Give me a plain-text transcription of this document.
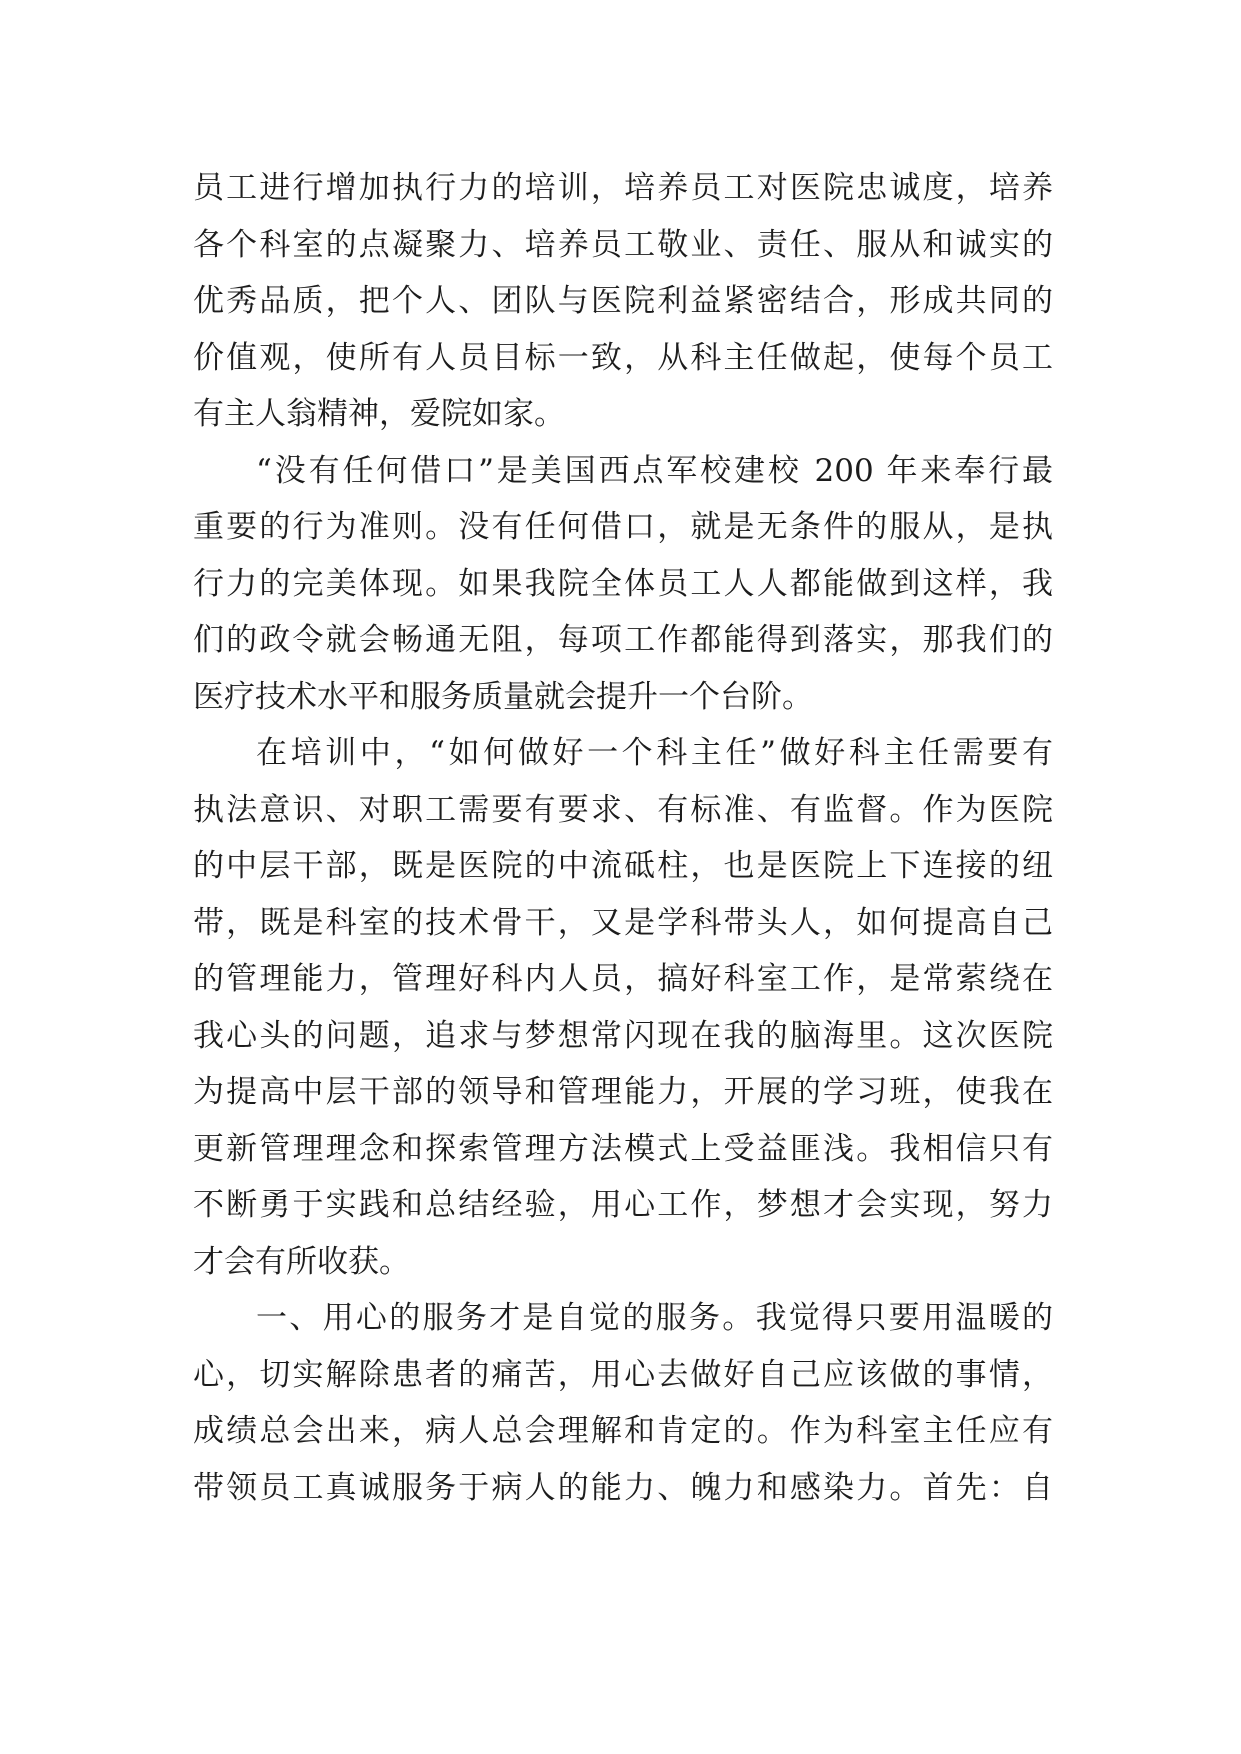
员工进行增加执行力的培训，培养员工对医院忠诚度，培养
各个科室的点凝聚力、培养员工敬业、责任、服从和诚实的
优秀品质，把个人、团队与医院利益紧密结合，形成共同的
价值观，使所有人员目标一致，从科主任做起，使每个员工
有主人翁精神，爱院如家。
“没有任何借口”是美国西点军校建校 200 年来奉行最
重要的行为准则。没有任何借口，就是无条件的服从，是执
行力的完美体现。如果我院全体员工人人都能做到这样，我
们的政令就会畅通无阻，每项工作都能得到落实，那我们的
医疗技术水平和服务质量就会提升一个台阶。
在培训中，“如何做好一个科主任”做好科主任需要有
执法意识、对职工需要有要求、有标准、有监督。作为医院
的中层干部，既是医院的中流砥柱，也是医院上下连接的纽
带，既是科室的技术骨干，又是学科带头人，如何提高自己
的管理能力，管理好科内人员，搞好科室工作，是常萦绕在
我心头的问题，追求与梦想常闪现在我的脑海里。这次医院
为提高中层干部的领导和管理能力，开展的学习班，使我在
更新管理理念和探索管理方法模式上受益匪浅。我相信只有
不断勇于实践和总结经验，用心工作，梦想才会实现，努力
才会有所收获。
一、用心的服务才是自觉的服务。我觉得只要用温暖的
心，切实解除患者的痛苦，用心去做好自己应该做的事情，
成绩总会出来，病人总会理解和肯定的。作为科室主任应有
带领员工真诚服务于病人的能力、魄力和感染力。首先：自
